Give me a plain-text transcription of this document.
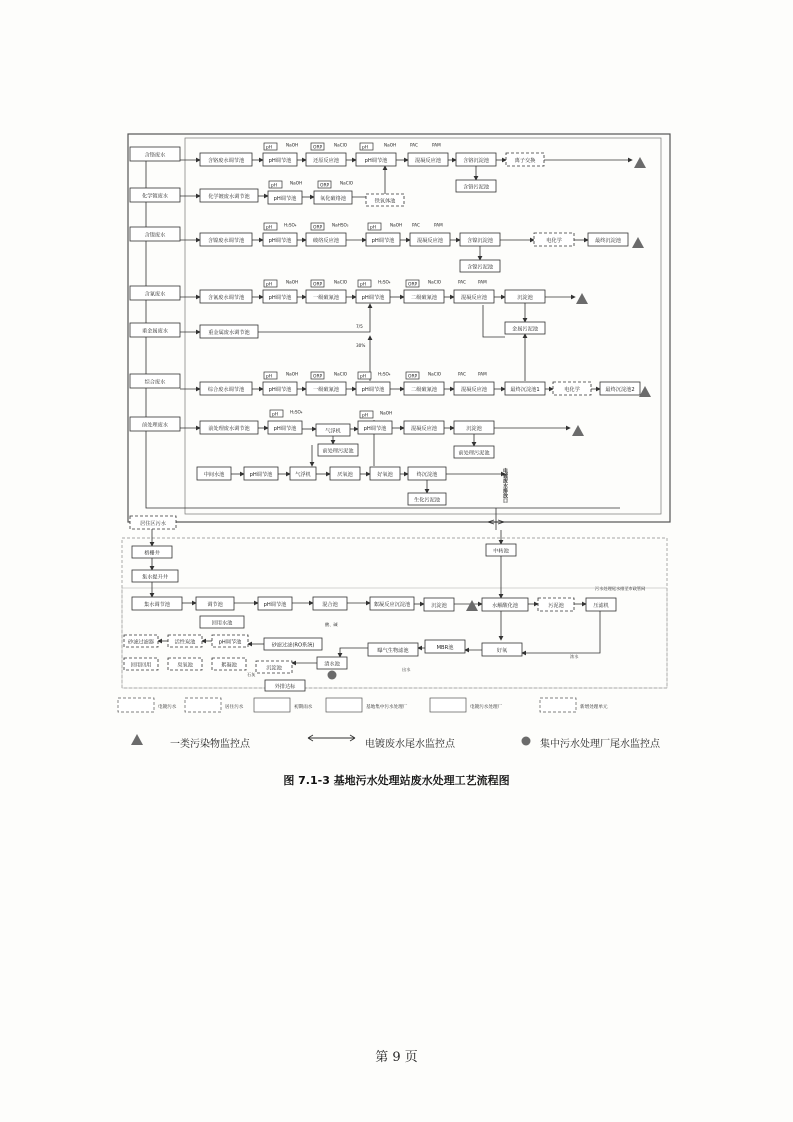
含铬废水
化学镀废水
含镍废水
含氰废水
重金属废水
综合废水
前处理废水
含铬废水调节池	pH调节池	还原反应池	pH调节池	混凝反应池	含铬沉淀池	离子交换
含铬污泥池
pH
NaOH
ORP
NaClO
pH
NaOH	PAC	PAM
化学镀废水调节池	pH调节池	氧化破络池	铁氧体池
pH
NaOH
ORP
NaClO
含镍废水调节池	pH调节池	破络反应池	pH调节池	混凝反应池	含镍沉淀池	电化学	最终沉淀池
含镍污泥池
pH
H₂SO₄
ORP
NaHSO₃
pH
NaOH PAC	PAM
含氰废水调节池	pH调节池	一级破氰池	pH调节池	二级破氰池	混凝反应池	沉淀池
金属污泥池
pH
NaOH
ORP
NaClO
pH
H₂SO₄
ORP
NaClO	PAC	PAM
重金属废水调节池
7/5
30%
综合废水调节池	pH调节池	一级破氰池	pH调节池	二级破氰池	混凝反应池	最终沉淀池1	电化学	最终沉淀池2
pH
NaOH
ORP
NaClO
pH
H₂SO₄
ORP
NaClO	PAC	PAM
前处理废水调节池	pH调节池	气浮机	pH调节池	混凝反应池	沉淀池
前处理污泥池
前处理污泥池
pH
H₂SO₄
pH
NaOH
中间水池	pH调节池	气浮机	厌氧池	好氧池	终沉淀池
生化污泥池	电镀废水排放口
居住区污水
格栅井
集水提升井
集水调节池	调节池	pH调节池	混合池	絮凝反应沉淀池	沉淀池	水解酸化池	污泥池	压滤机
回用水池
砂滤过滤(RO系统)
清水池
曝气生物滤池	MBR池	好氧
砂滤过滤器	活性炭池	pH调节池
回用回用	臭氧池	絮凝池	沉淀池
外排达标
中转池
污水处理尾水排至市政管网
石灰
酸、碱
出水
浓水
电镀污水	居住污水	初期雨水	基地集中污水处理厂	电镀污水处理厂	新增处理单元
一类污染物监控点	电镀废水尾水监控点	集中污水处理厂尾水监控点
图 7.1-3 基地污水处理站废水处理工艺流程图
第 9 页
